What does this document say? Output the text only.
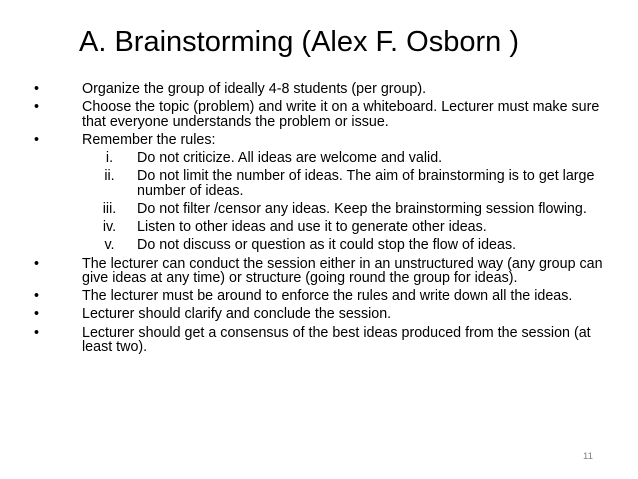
A. Brainstorming (Alex F. Osborn )
•	Organize the group of ideally 4-8 students (per group).
•	Choose the topic (problem) and write it on a whiteboard. Lecturer must make sure that everyone understands the problem or issue.
•	Remember the rules:
i.	Do not criticize. All ideas are welcome and valid.
ii.	Do not limit the number of ideas. The aim of brainstorming is to get large number of ideas.
iii.	Do not filter /censor any ideas. Keep the brainstorming session flowing.
iv.	Listen to other ideas and use it to generate other ideas.
v.	Do not discuss or question as it could stop the flow of ideas.
•	The lecturer can conduct the session either in an unstructured way (any group can give ideas at any time) or structure (going round the group for ideas).
•	The lecturer must be around to enforce the rules and write down all the ideas.
•	Lecturer should clarify and conclude the session.
•	Lecturer should get a consensus of the best ideas produced from the session (at least two).
11
